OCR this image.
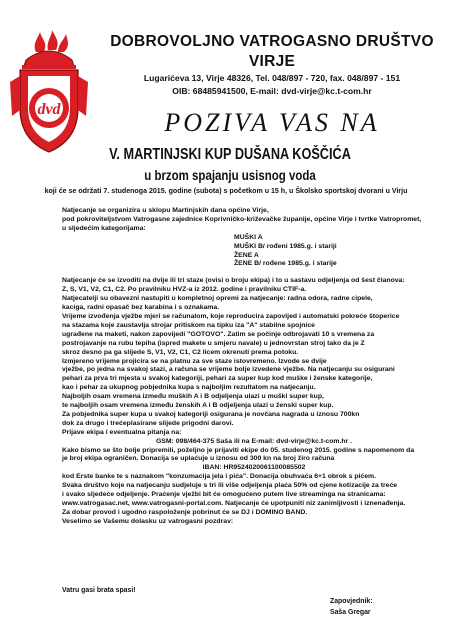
dvd
DOBROVOLJNO VATROGASNO DRUŠTVO
VIRJE
Lugarićeva 13, Virje 48326, Tel. 048/897 - 720, fax. 048/897 - 151
OIB: 68485941500, E-mail: dvd-virje@kc.t-com.hr
POZIVA VAS NA
V. MARTINJSKI KUP DUŠANA KOŠČIĆA
u brzom spajanju usisnog voda
koji će se održati 7. studenoga 2015. godine (subota) s početkom u 15 h, u Školsko sportskoj dvorani u Virju

Natjecanje se organizira u sklopu Martinjskih dana općine Virje,

pod pokroviteljstvom Vatrogasne zajednice Koprivničko-križevačke županije, općine Virje i tvrtke Vatropromet,

u sljedećim kategorijama:

MUŠKI A

MUŠKI B/ rođeni 1985.g. i stariji

ŽENE A

ŽENE B/ rođene 1985.g. i starije

Natjecanje će se izvoditi na dvije ili tri staze (ovisi o broju ekipa) i to u sastavu odjeljenja od šest članova:

Z, S, V1, V2, C1, C2. Po pravilniku HVZ-a iz 2012. godine i pravilniku CTIF-a.

Natjecatelji su obavezni nastupiti u kompletnoj opremi za natjecanje: radna odora, radne cipele,

kaciga, radni opasač bez karabina i s oznakama.

Vrijeme izvođenja vježbe mjeri se računalom, koje reproducira zapovijed i automatski pokreće štoperice

na stazama koje zaustavlja strojar pritiskom na tipku iza "A" stabilne spojnice

ugrađene na maketi, nakon zapovijedi "GOTOVO". Zatim se počinje odbrojavati 10 s vremena za

postrojavanje na rubu tepiha (ispred makete u smjeru navale) u jednovrstan stroj tako da je Z

skroz desno pa ga slijede S, V1, V2, C1, C2 licem okrenuti prema potoku.

Izmjereno vrijeme projicira se na platnu za sve staze istovremeno. Izvode se dvije

vježbe, po jedna na svakoj stazi, a računa se vrijeme bolje izvedene vježbe. Na natjecanju su osigurani

pehari za prva tri mjesta u svakoj kategoriji, pehari za super kup kod muške i ženske kategorije,

kao i pehar za ukupnog pobjednika kupa s najboljim rezultatom na natjecanju.

Najboljih osam vremena između muških A i B odjeljenja ulazi u muški super kup,

te najboljih osam vremena između ženskih A i B odjeljenja ulazi u ženski super kup.

Za pobjednika super kupa u svakoj kategoriji osigurana je novčana nagrada u iznosu 700kn

dok za drugo i trećeplasirane slijede prigodni darovi.

Prijave ekipa i eventualna pitanja na:

GSM: 098/464-375 Saša ili na E-mail: dvd-virje@kc.t-com.hr .

Kako bismo se što bolje pripremili, poželjno je prijaviti ekipe do 05. studenog 2015. godine s napomenom da

je broj ekipa ograničen. Donacija se uplaćuje u iznosu od 300 kn na broj žiro računa

IBAN: HR9524020061100085502

kod Erste banke te s naznakom "konzumacija jela i pića". Donacija obuhvaća 6+1 obrok s pićem.

Svaka društvo koje na natjecanju sudjeluje s tri ili više odjeljenja plaća 50% od cjene kotizacije za treće

i svako sljedeće odjeljenje. Praćenje vježbi bit će omogućeno putem live streaminga na stranicama:

www.vatrogasac.net, www.vatrogasni-portal.com. Natjecanje će upotpuniti niz zanimljivosti i iznenađenja.

Za dobar provod i ugodno raspoloženje pobrinut će se DJ i DOMINO BAND.

Veselimo se Vašemu dolasku uz vatrogasni pozdrav:

Vatru gasi brata spasi!
Zapovjednik:
Saša Gregar
